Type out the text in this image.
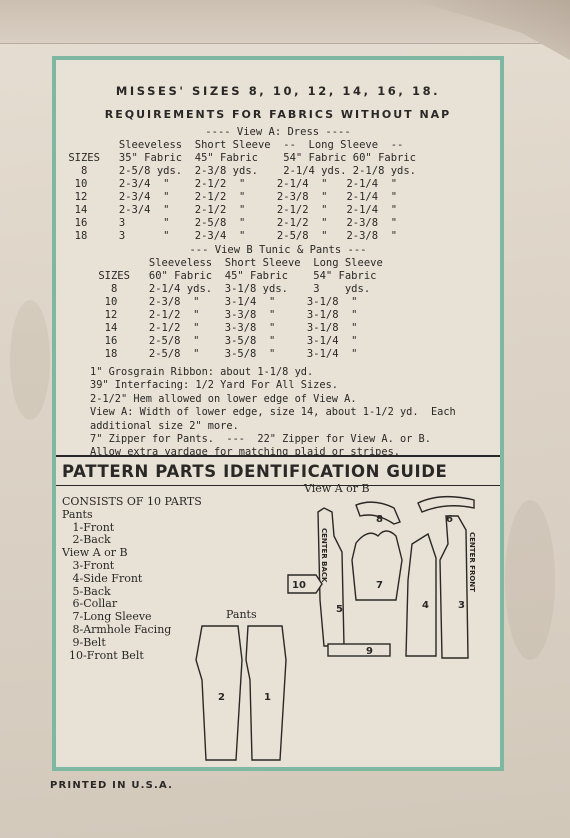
MISSES' SIZES 8, 10, 12, 14, 16, 18.
REQUIREMENTS FOR FABRICS WITHOUT NAP
---- View A: Dress ----
Sleeveless  Short Sleeve  --  Long Sleeve  --
SIZES   35" Fabric  45" Fabric    54" Fabric 60" Fabric
8     2-5/8 yds.  2-3/8 yds.    2-1/4 yds. 2-1/8 yds.
10     2-3/4  "    2-1/2  "     2-1/4  "   2-1/4  "
12     2-3/4  "    2-1/2  "     2-3/8  "   2-1/4  "
14     2-3/4  "    2-1/2  "     2-1/2  "   2-1/4  "
16     3      "    2-5/8  "     2-1/2  "   2-3/8  "
18     3      "    2-3/4  "     2-5/8  "   2-3/8  "
--- View B Tunic & Pants ---
Sleeveless  Short Sleeve  Long Sleeve
SIZES   60" Fabric  45" Fabric    54" Fabric
8     2-1/4 yds.  3-1/8 yds.    3    yds.
10     2-3/8  "    3-1/4  "     3-1/8  "
12     2-1/2  "    3-3/8  "     3-1/8  "
14     2-1/2  "    3-3/8  "     3-1/8  "
16     2-5/8  "    3-5/8  "     3-1/4  "
18     2-5/8  "    3-5/8  "     3-1/4  "
1" Grosgrain Ribbon: about 1-1/8 yd.
39" Interfacing: 1/2 Yard For All Sizes.
2-1/2" Hem allowed on lower edge of View A.
View A: Width of lower edge, size 14, about 1-1/2 yd.  Each
additional size 2" more.
7" Zipper for Pants.  ---  22" Zipper for View A. or B.
Allow extra yardage for matching plaid or stripes.
PATTERN PARTS IDENTIFICATION GUIDE
CONSISTS OF 10 PARTS
Pants
1-Front
2-Back
View A or B
3-Front
4-Side Front
5-Back
6-Collar
7-Long Sleeve
8-Armhole Facing
9-Belt
10-Front Belt
View A or B
Pants
CENTER BACK	CENTER FRONT
2	1
3
4
5
6
7
8
9
10
PRINTED IN U.S.A.
